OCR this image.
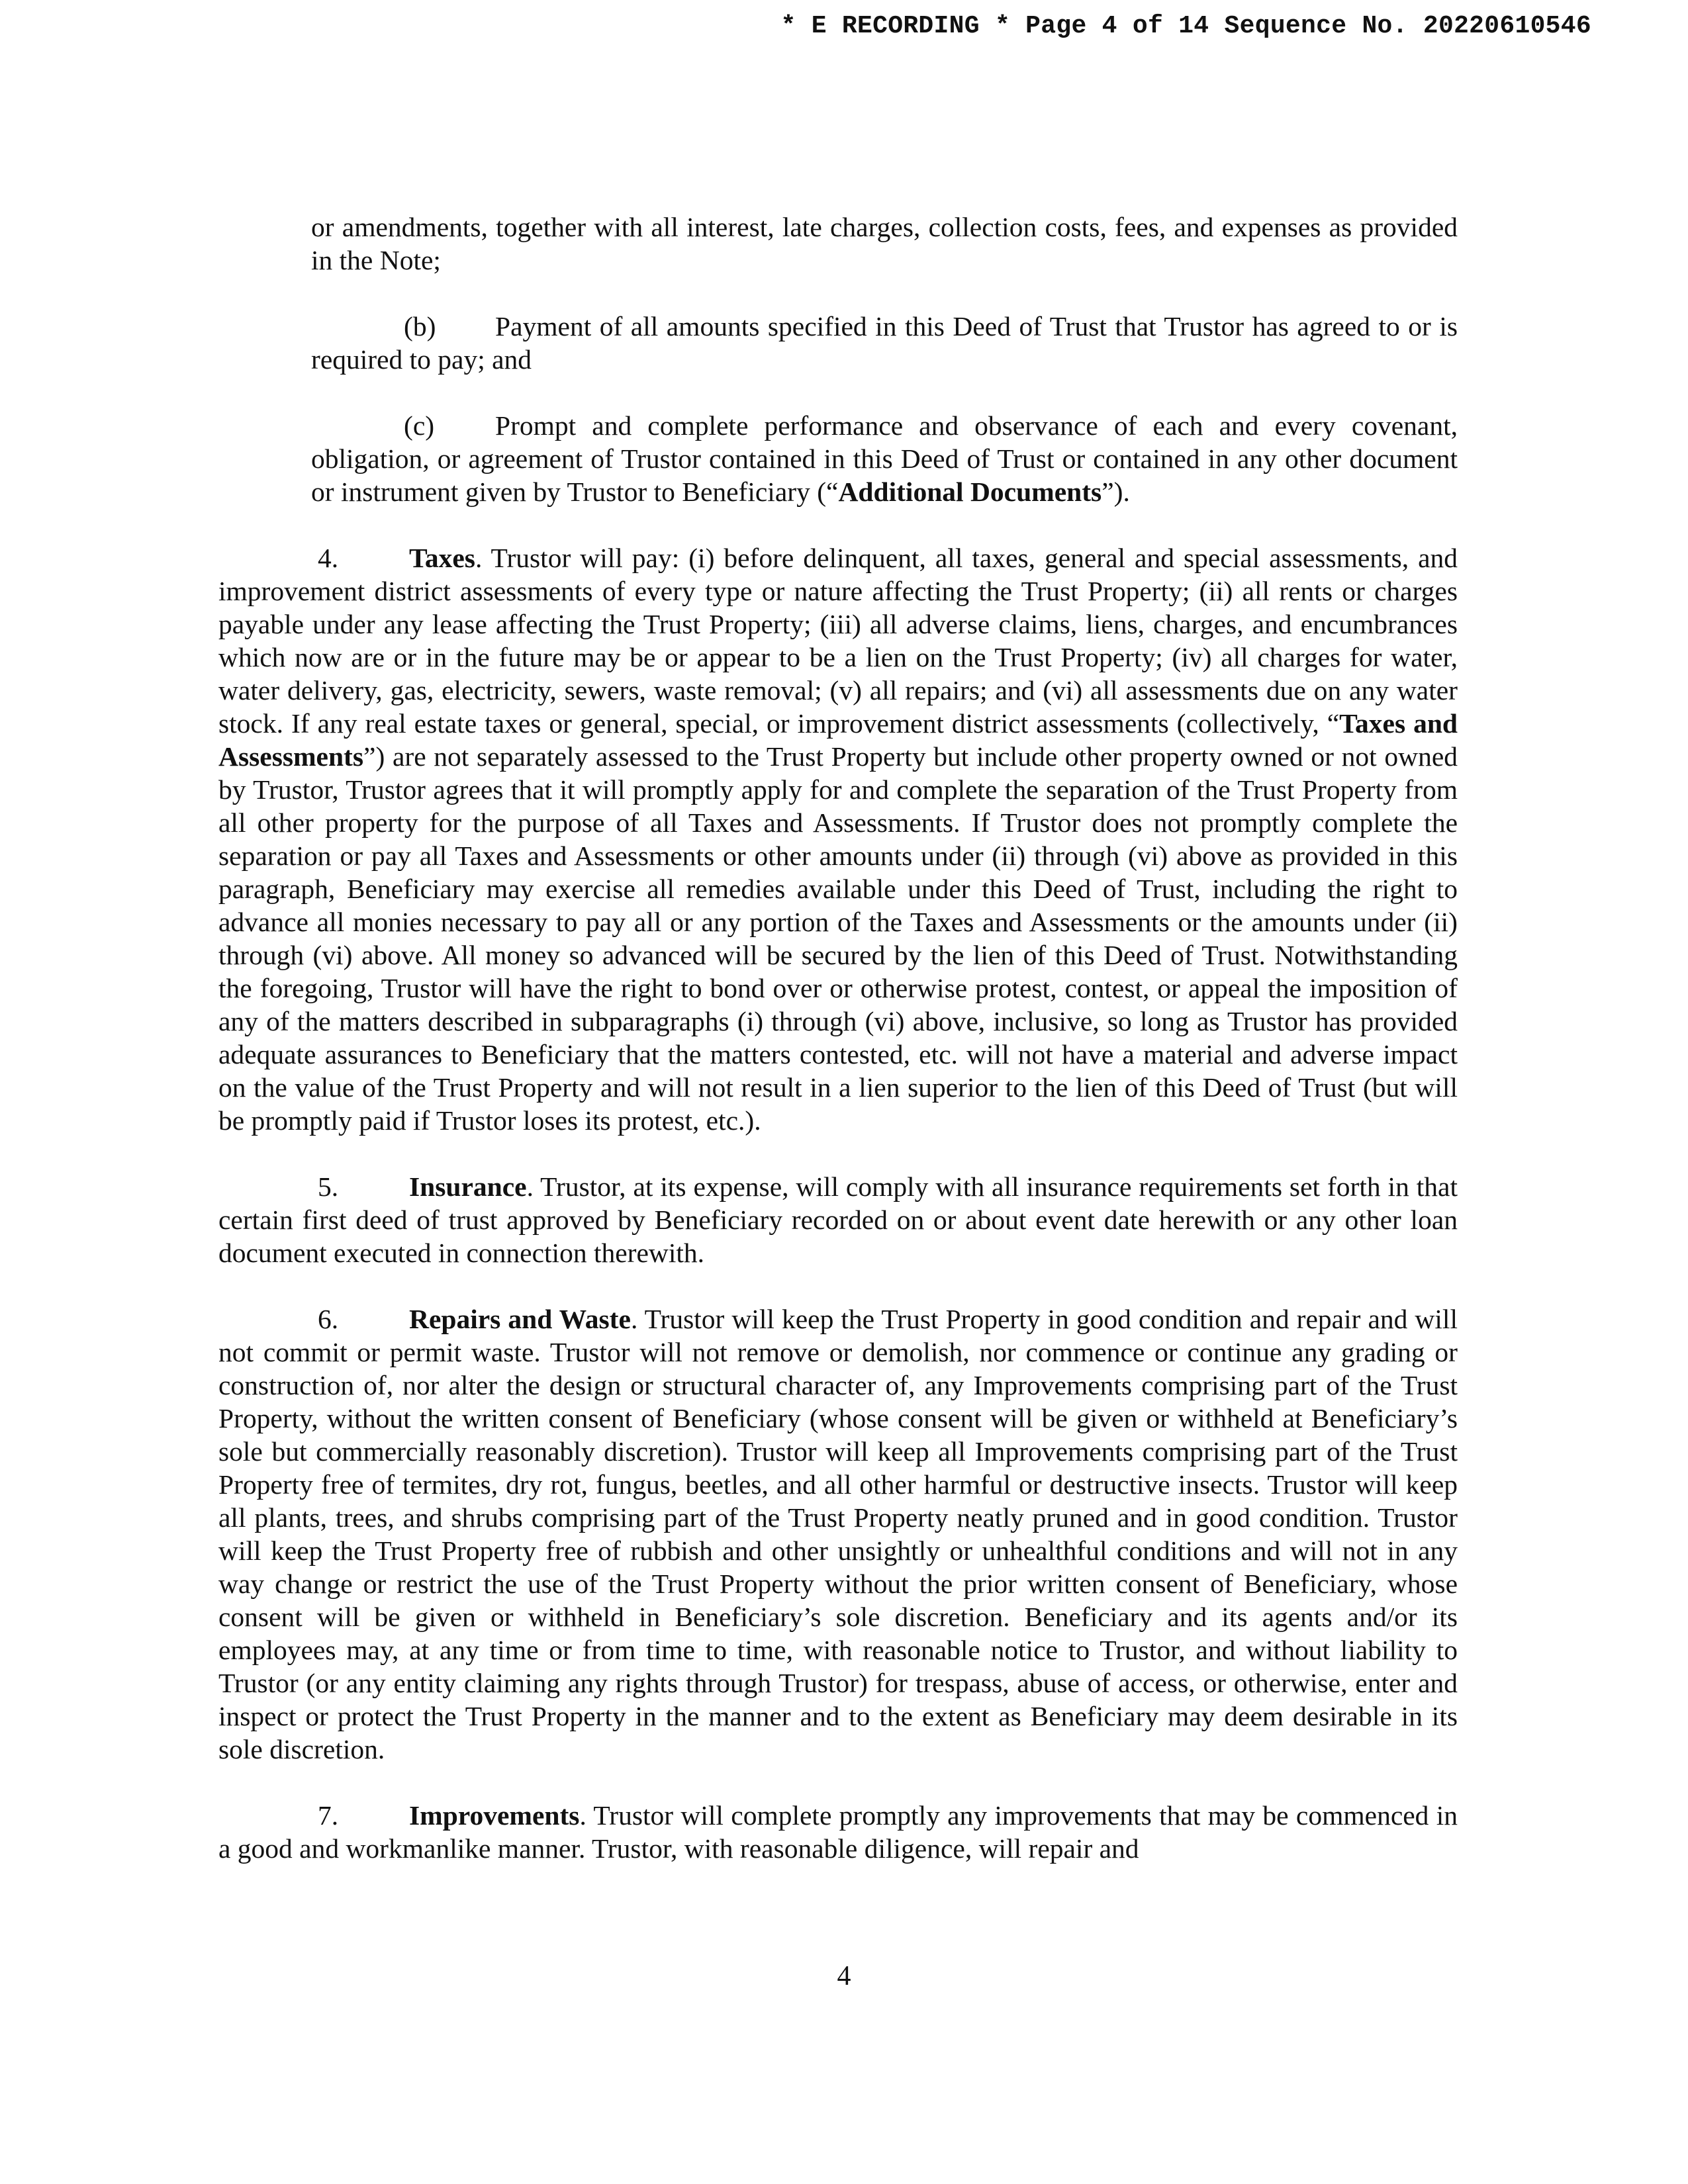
* E RECORDING * Page 4 of 14 Sequence No. 20220610546

or amendments, together with all interest, late charges, collection costs, fees, and expenses as provided in the Note;

(b) Payment of all amounts specified in this Deed of Trust that Trustor has agreed to or is required to pay; and

(c) Prompt and complete performance and observance of each and every covenant, obligation, or agreement of Trustor contained in this Deed of Trust or contained in any other document or instrument given by Trustor to Beneficiary (“Additional Documents”).

4.	Taxes. Trustor will pay: (i) before delinquent, all taxes, general and special assessments, and improvement district assessments of every type or nature affecting the Trust Property; (ii) all rents or charges payable under any lease affecting the Trust Property; (iii) all adverse claims, liens, charges, and encumbrances which now are or in the future may be or appear to be a lien on the Trust Property; (iv) all charges for water, water delivery, gas, electricity, sewers, waste removal; (v) all repairs; and (vi) all assessments due on any water stock. If any real estate taxes or general, special, or improvement district assessments (collectively, “Taxes and Assessments”) are not separately assessed to the Trust Property but include other property owned or not owned by Trustor, Trustor agrees that it will promptly apply for and complete the separation of the Trust Property from all other property for the purpose of all Taxes and Assessments. If Trustor does not promptly complete the separation or pay all Taxes and Assessments or other amounts under (ii) through (vi) above as provided in this paragraph, Beneficiary may exercise all remedies available under this Deed of Trust, including the right to advance all monies necessary to pay all or any portion of the Taxes and Assessments or the amounts under (ii) through (vi) above. All money so advanced will be secured by the lien of this Deed of Trust. Notwithstanding the foregoing, Trustor will have the right to bond over or otherwise protest, contest, or appeal the imposition of any of the matters described in subparagraphs (i) through (vi) above, inclusive, so long as Trustor has provided adequate assurances to Beneficiary that the matters contested, etc. will not have a material and adverse impact on the value of the Trust Property and will not result in a lien superior to the lien of this Deed of Trust (but will be promptly paid if Trustor loses its protest, etc.).

5.	Insurance. Trustor, at its expense, will comply with all insurance requirements set forth in that certain first deed of trust approved by Beneficiary recorded on or about event date herewith or any other loan document executed in connection therewith.

6.	Repairs and Waste. Trustor will keep the Trust Property in good condition and repair and will not commit or permit waste. Trustor will not remove or demolish, nor commence or continue any grading or construction of, nor alter the design or structural character of, any Improvements comprising part of the Trust Property, without the written consent of Beneficiary (whose consent will be given or withheld at Beneficiary’s sole but commercially reasonably discretion). Trustor will keep all Improvements comprising part of the Trust Property free of termites, dry rot, fungus, beetles, and all other harmful or destructive insects. Trustor will keep all plants, trees, and shrubs comprising part of the Trust Property neatly pruned and in good condition. Trustor will keep the Trust Property free of rubbish and other unsightly or unhealthful conditions and will not in any way change or restrict the use of the Trust Property without the prior written consent of Beneficiary, whose consent will be given or withheld in Beneficiary’s sole discretion. Beneficiary and its agents and/or its employees may, at any time or from time to time, with reasonable notice to Trustor, and without liability to Trustor (or any entity claiming any rights through Trustor) for trespass, abuse of access, or otherwise, enter and inspect or protect the Trust Property in the manner and to the extent as Beneficiary may deem desirable in its sole discretion.

7.	Improvements. Trustor will complete promptly any improvements that may be commenced in a good and workmanlike manner. Trustor, with reasonable diligence, will repair and

4
